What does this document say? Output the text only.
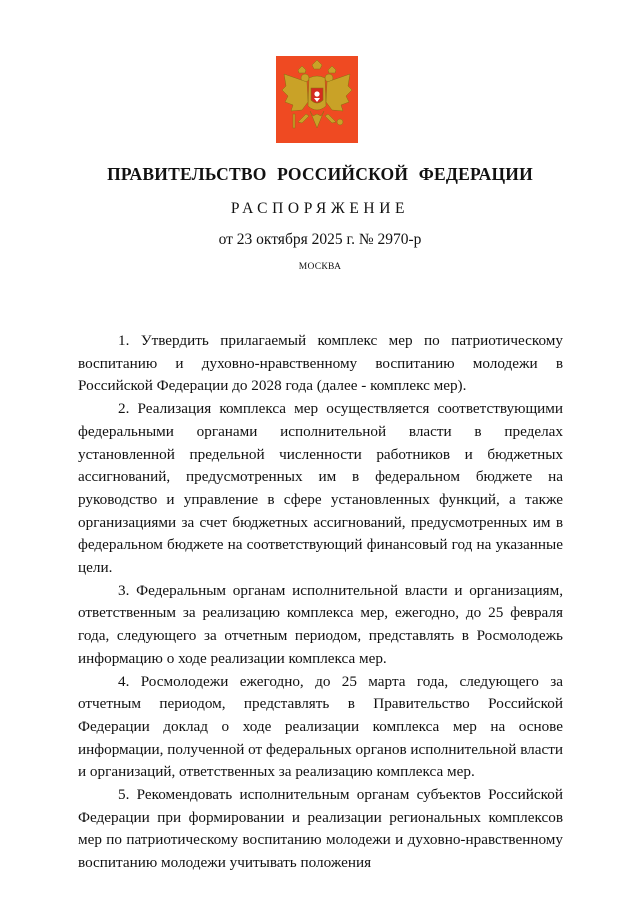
ПРАВИТЕЛЬСТВО РОССИЙСКОЙ ФЕДЕРАЦИИ
РАСПОРЯЖЕНИЕ
от 23 октября 2025 г. № 2970-р
МОСКВА

1. Утвердить прилагаемый комплекс мер по патриотическому воспитанию и духовно-нравственному воспитанию молодежи в Российской Федерации до 2028 года (далее - комплекс мер).

2. Реализация комплекса мер осуществляется соответствующими федеральными органами исполнительной власти в пределах установленной предельной численности работников и бюджетных ассигнований, предусмотренных им в федеральном бюджете на руководство и управление в сфере установленных функций, а также организациями за счет бюджетных ассигнований, предусмотренных им в федеральном бюджете на соответствующий финансовый год на указанные цели.

3. Федеральным органам исполнительной власти и организациям, ответственным за реализацию комплекса мер, ежегодно, до 25 февраля года, следующего за отчетным периодом, представлять в Росмолодежь информацию о ходе реализации комплекса мер.

4. Росмолодежи ежегодно, до 25 марта года, следующего за отчетным периодом, представлять в Правительство Российской Федерации доклад о ходе реализации комплекса мер на основе информации, полученной от федеральных органов исполнительной власти и организаций, ответственных за реализацию комплекса мер.

5. Рекомендовать исполнительным органам субъектов Российской Федерации при формировании и реализации региональных комплексов мер по патриотическому воспитанию молодежи и духовно-нравственному воспитанию молодежи учитывать положения
